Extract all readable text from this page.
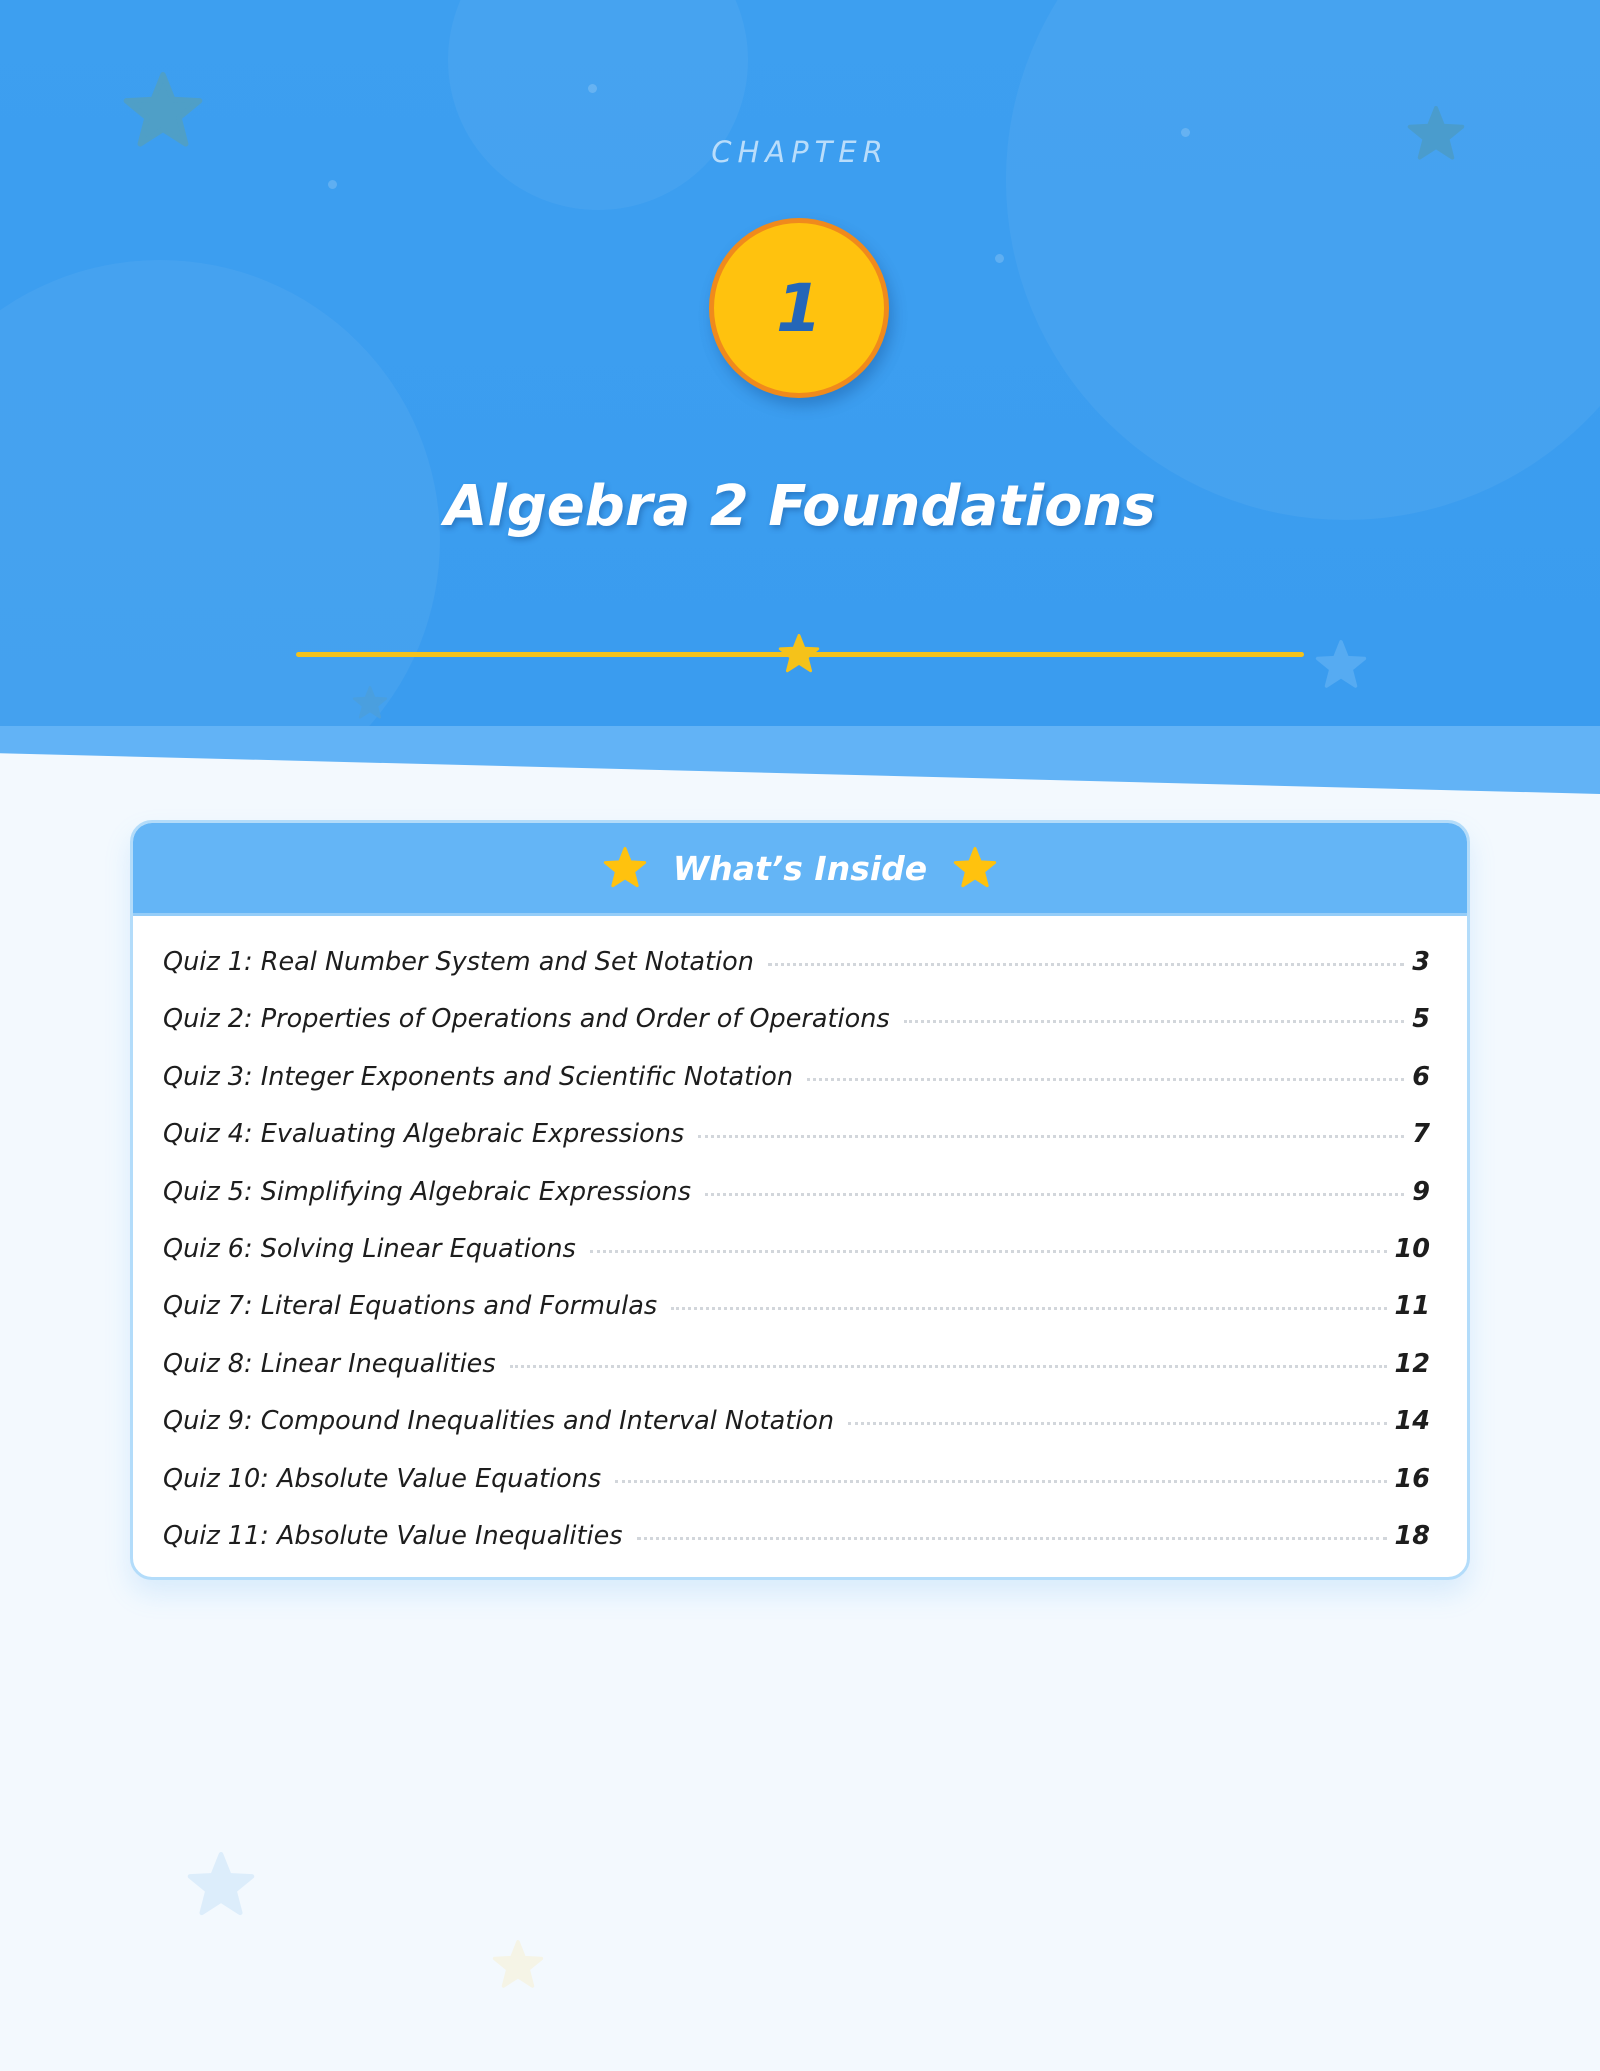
CHAPTER
1
Algebra 2 Foundations
What’s Inside
Quiz 1: Real Number System and Set Notation	3
Quiz 2: Properties of Operations and Order of Operations	5
Quiz 3: Integer Exponents and Scientific Notation	6
Quiz 4: Evaluating Algebraic Expressions	7
Quiz 5: Simplifying Algebraic Expressions	9
Quiz 6: Solving Linear Equations	10
Quiz 7: Literal Equations and Formulas	11
Quiz 8: Linear Inequalities	12
Quiz 9: Compound Inequalities and Interval Notation	14
Quiz 10: Absolute Value Equations	16
Quiz 11: Absolute Value Inequalities	18
